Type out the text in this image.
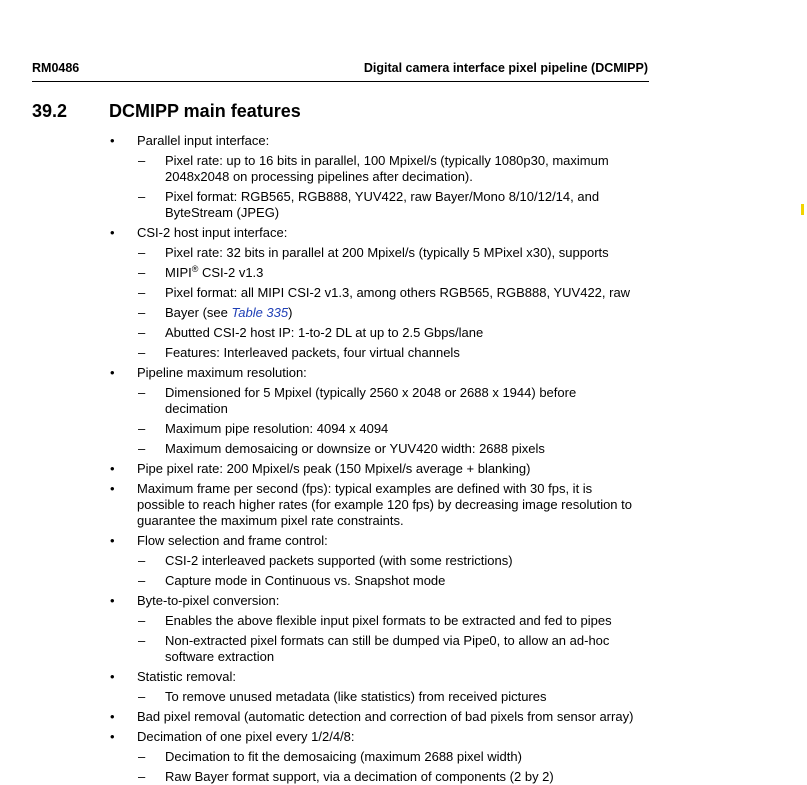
RM0486	Digital camera interface pixel pipeline (DCMIPP)
39.2 DCMIPP main features
• Parallel input interface:
– Pixel rate: up to 16 bits in parallel, 100 Mpixel/s (typically 1080p30, maximum
2048x2048 on processing pipelines after decimation).
– Pixel format: RGB565, RGB888, YUV422, raw Bayer/Mono 8/10/12/14, and
ByteStream (JPEG)
• CSI-2 host input interface:
– Pixel rate: 32 bits in parallel at 200 Mpixel/s (typically 5 MPixel x30), supports
– MIPI® CSI-2 v1.3
– Pixel format: all MIPI CSI-2 v1.3, among others RGB565, RGB888, YUV422, raw
– Bayer (see Table 335)
– Abutted CSI-2 host IP: 1-to-2 DL at up to 2.5 Gbps/lane
– Features: Interleaved packets, four virtual channels
• Pipeline maximum resolution:
– Dimensioned for 5 Mpixel (typically 2560 x 2048 or 2688 x 1944) before
decimation
– Maximum pipe resolution: 4094 x 4094
– Maximum demosaicing or downsize or YUV420 width: 2688 pixels
• Pipe pixel rate: 200 Mpixel/s peak (150 Mpixel/s average + blanking)
• Maximum frame per second (fps): typical examples are defined with 30 fps, it is
possible to reach higher rates (for example 120 fps) by decreasing image resolution to
guarantee the maximum pixel rate constraints.
• Flow selection and frame control:
– CSI-2 interleaved packets supported (with some restrictions)
– Capture mode in Continuous vs. Snapshot mode
• Byte-to-pixel conversion:
– Enables the above flexible input pixel formats to be extracted and fed to pipes
– Non-extracted pixel formats can still be dumped via Pipe0, to allow an ad-hoc
software extraction
• Statistic removal:
– To remove unused metadata (like statistics) from received pictures
• Bad pixel removal (automatic detection and correction of bad pixels from sensor array)
• Decimation of one pixel every 1/2/4/8:
– Decimation to fit the demosaicing (maximum 2688 pixel width)
– Raw Bayer format support, via a decimation of components (2 by 2)
